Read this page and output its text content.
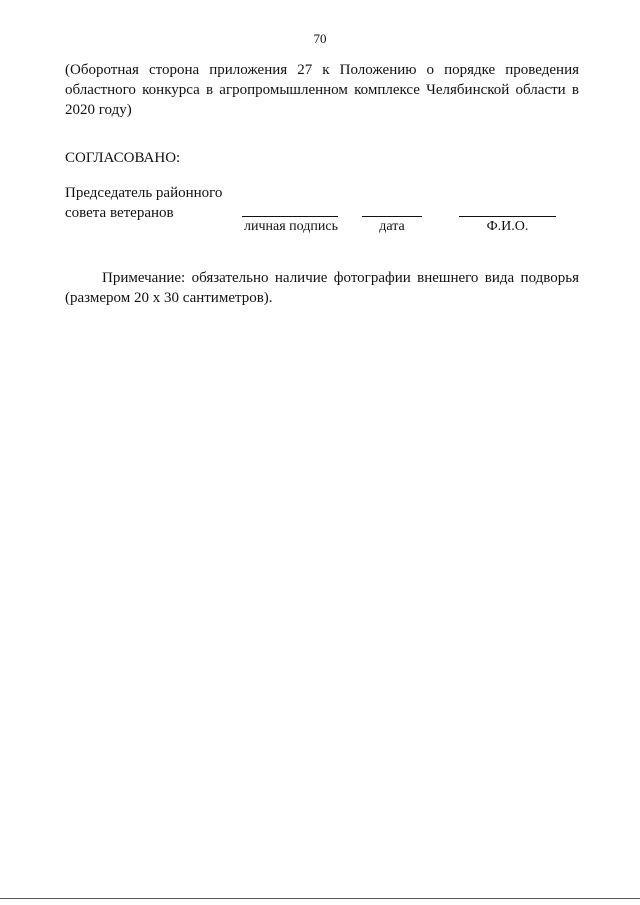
70
(Оборотная сторона приложения 27 к Положению о порядке проведения
областного конкурса в агропромышленном комплексе Челябинской области в
2020 году)
СОГЛАСОВАНО:
Председатель районного
совета ветеранов
личная подпись	дата	Ф.И.О.
Примечание: обязательно наличие фотографии внешнего вида подворья
(размером 20 х 30 сантиметров).
